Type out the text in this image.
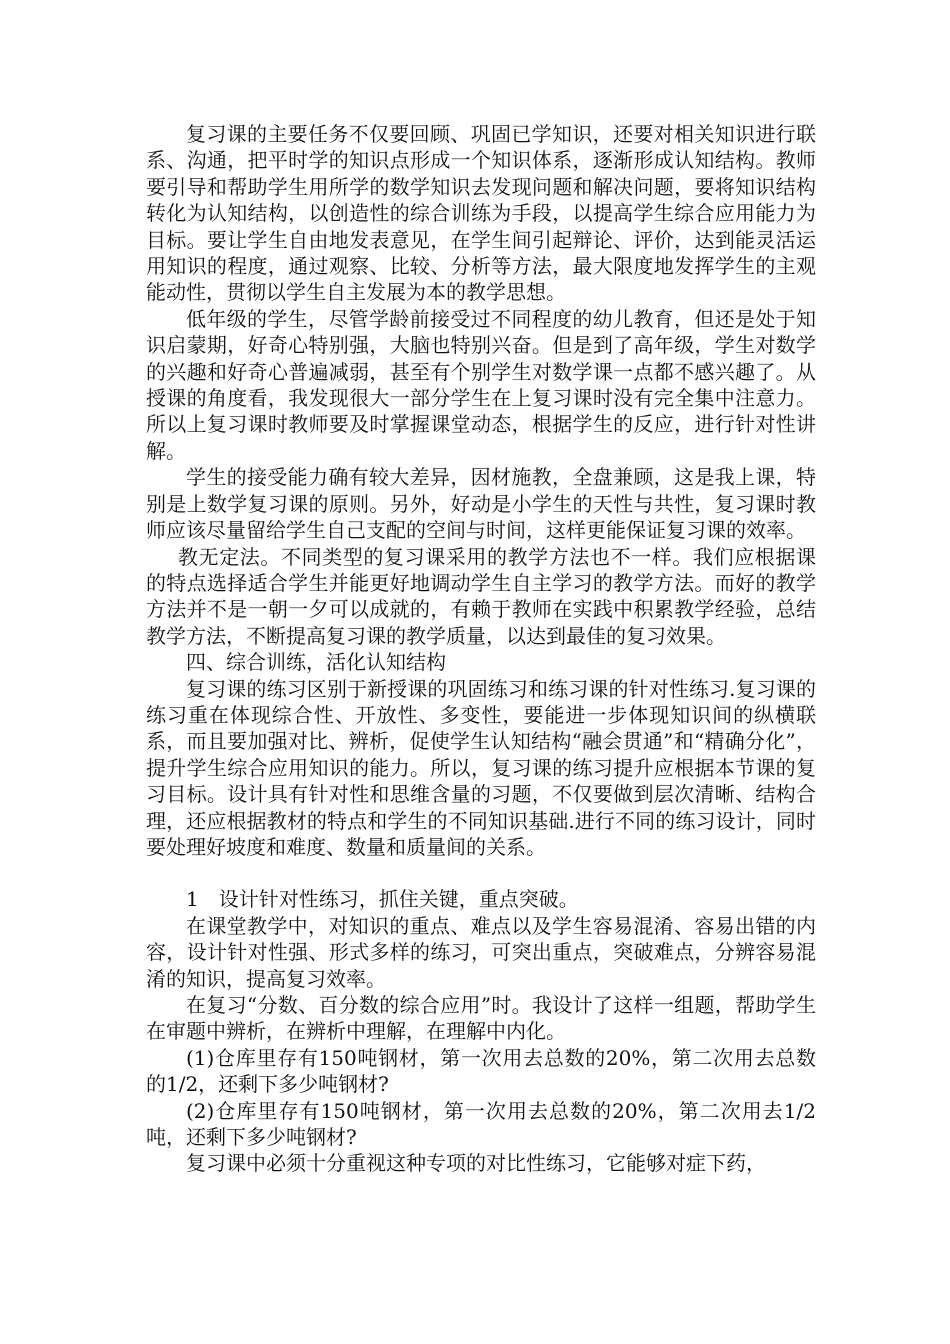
复习课的主要任务不仅要回顾、巩固已学知识，还要对相关知识进行联系、沟通，把平时学的知识点形成一个知识体系，逐渐形成认知结构。教师要引导和帮助学生用所学的数学知识去发现问题和解决问题，要将知识结构转化为认知结构，以创造性的综合训练为手段，以提高学生综合应用能力为目标。要让学生自由地发表意见，在学生间引起辩论、评价，达到能灵活运用知识的程度，通过观察、比较、分析等方法，最大限度地发挥学生的主观能动性，贯彻以学生自主发展为本的教学思想。

低年级的学生，尽管学龄前接受过不同程度的幼儿教育，但还是处于知识启蒙期，好奇心特别强，大脑也特别兴奋。但是到了高年级，学生对数学的兴趣和好奇心普遍减弱，甚至有个别学生对数学课一点都不感兴趣了。从授课的角度看，我发现很大一部分学生在上复习课时没有完全集中注意力。所以上复习课时教师要及时掌握课堂动态，根据学生的反应，进行针对性讲解。

学生的接受能力确有较大差异，因材施教，全盘兼顾，这是我上课，特别是上数学复习课的原则。另外，好动是小学生的天性与共性，复习课时教师应该尽量留给学生自己支配的空间与时间，这样更能保证复习课的效率。

教无定法。不同类型的复习课采用的教学方法也不一样。我们应根据课的特点选择适合学生并能更好地调动学生自主学习的教学方法。而好的教学方法并不是一朝一夕可以成就的，有赖于教师在实践中积累教学经验，总结教学方法，不断提高复习课的教学质量，以达到最佳的复习效果。

四、综合训练，活化认知结构

复习课的练习区别于新授课的巩固练习和练习课的针对性练习.复习课的练习重在体现综合性、开放性、多变性，要能进一步体现知识间的纵横联系，而且要加强对比、辨析，促使学生认知结构“融会贯通”和“精确分化”，提升学生综合应用知识的能力。所以，复习课的练习提升应根据本节课的复习目标。设计具有针对性和思维含量的习题，不仅要做到层次清晰、结构合理，还应根据教材的特点和学生的不同知识基础.进行不同的练习设计，同时要处理好坡度和难度、数量和质量间的关系。

1　设计针对性练习，抓住关键，重点突破。

在课堂教学中，对知识的重点、难点以及学生容易混淆、容易出错的内容，设计针对性强、形式多样的练习，可突出重点，突破难点，分辨容易混淆的知识，提高复习效率。

在复习“分数、百分数的综合应用”时。我设计了这样一组题，帮助学生在审题中辨析，在辨析中理解，在理解中内化。

(1)仓库里存有150吨钢材，第一次用去总数的20%，第二次用去总数的1/2，还剩下多少吨钢材?

(2)仓库里存有150吨钢材，第一次用去总数的20%，第二次用去1/2吨，还剩下多少吨钢材?

复习课中必须十分重视这种专项的对比性练习，它能够对症下药，
